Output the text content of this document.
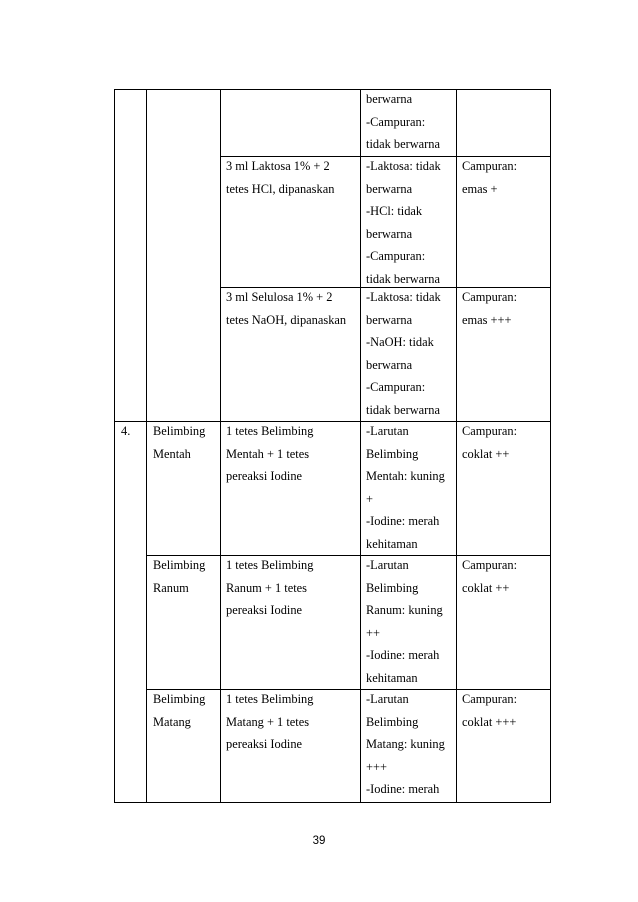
berwarna
-Campuran:
tidak berwarna
3 ml Laktosa 1% + 2
tetes HCl, dipanaskan
-Laktosa: tidak
berwarna
-HCl: tidak
berwarna
-Campuran:
tidak berwarna
Campuran:
emas +
3 ml Selulosa 1% + 2
tetes NaOH, dipanaskan
-Laktosa: tidak
berwarna
-NaOH: tidak
berwarna
-Campuran:
tidak berwarna
Campuran:
emas +++
4. Belimbing
Mentah
1 tetes Belimbing
Mentah + 1 tetes
pereaksi Iodine
-Larutan
Belimbing
Mentah: kuning
+
-Iodine: merah
kehitaman
Campuran:
coklat ++
Belimbing
Ranum
1 tetes Belimbing
Ranum + 1 tetes
pereaksi Iodine
-Larutan
Belimbing
Ranum: kuning
++
-Iodine: merah
kehitaman
Campuran:
coklat ++
Belimbing
Matang
1 tetes Belimbing
Matang + 1 tetes
pereaksi Iodine
-Larutan
Belimbing
Matang: kuning
+++
-Iodine: merah
Campuran:
coklat +++
39
